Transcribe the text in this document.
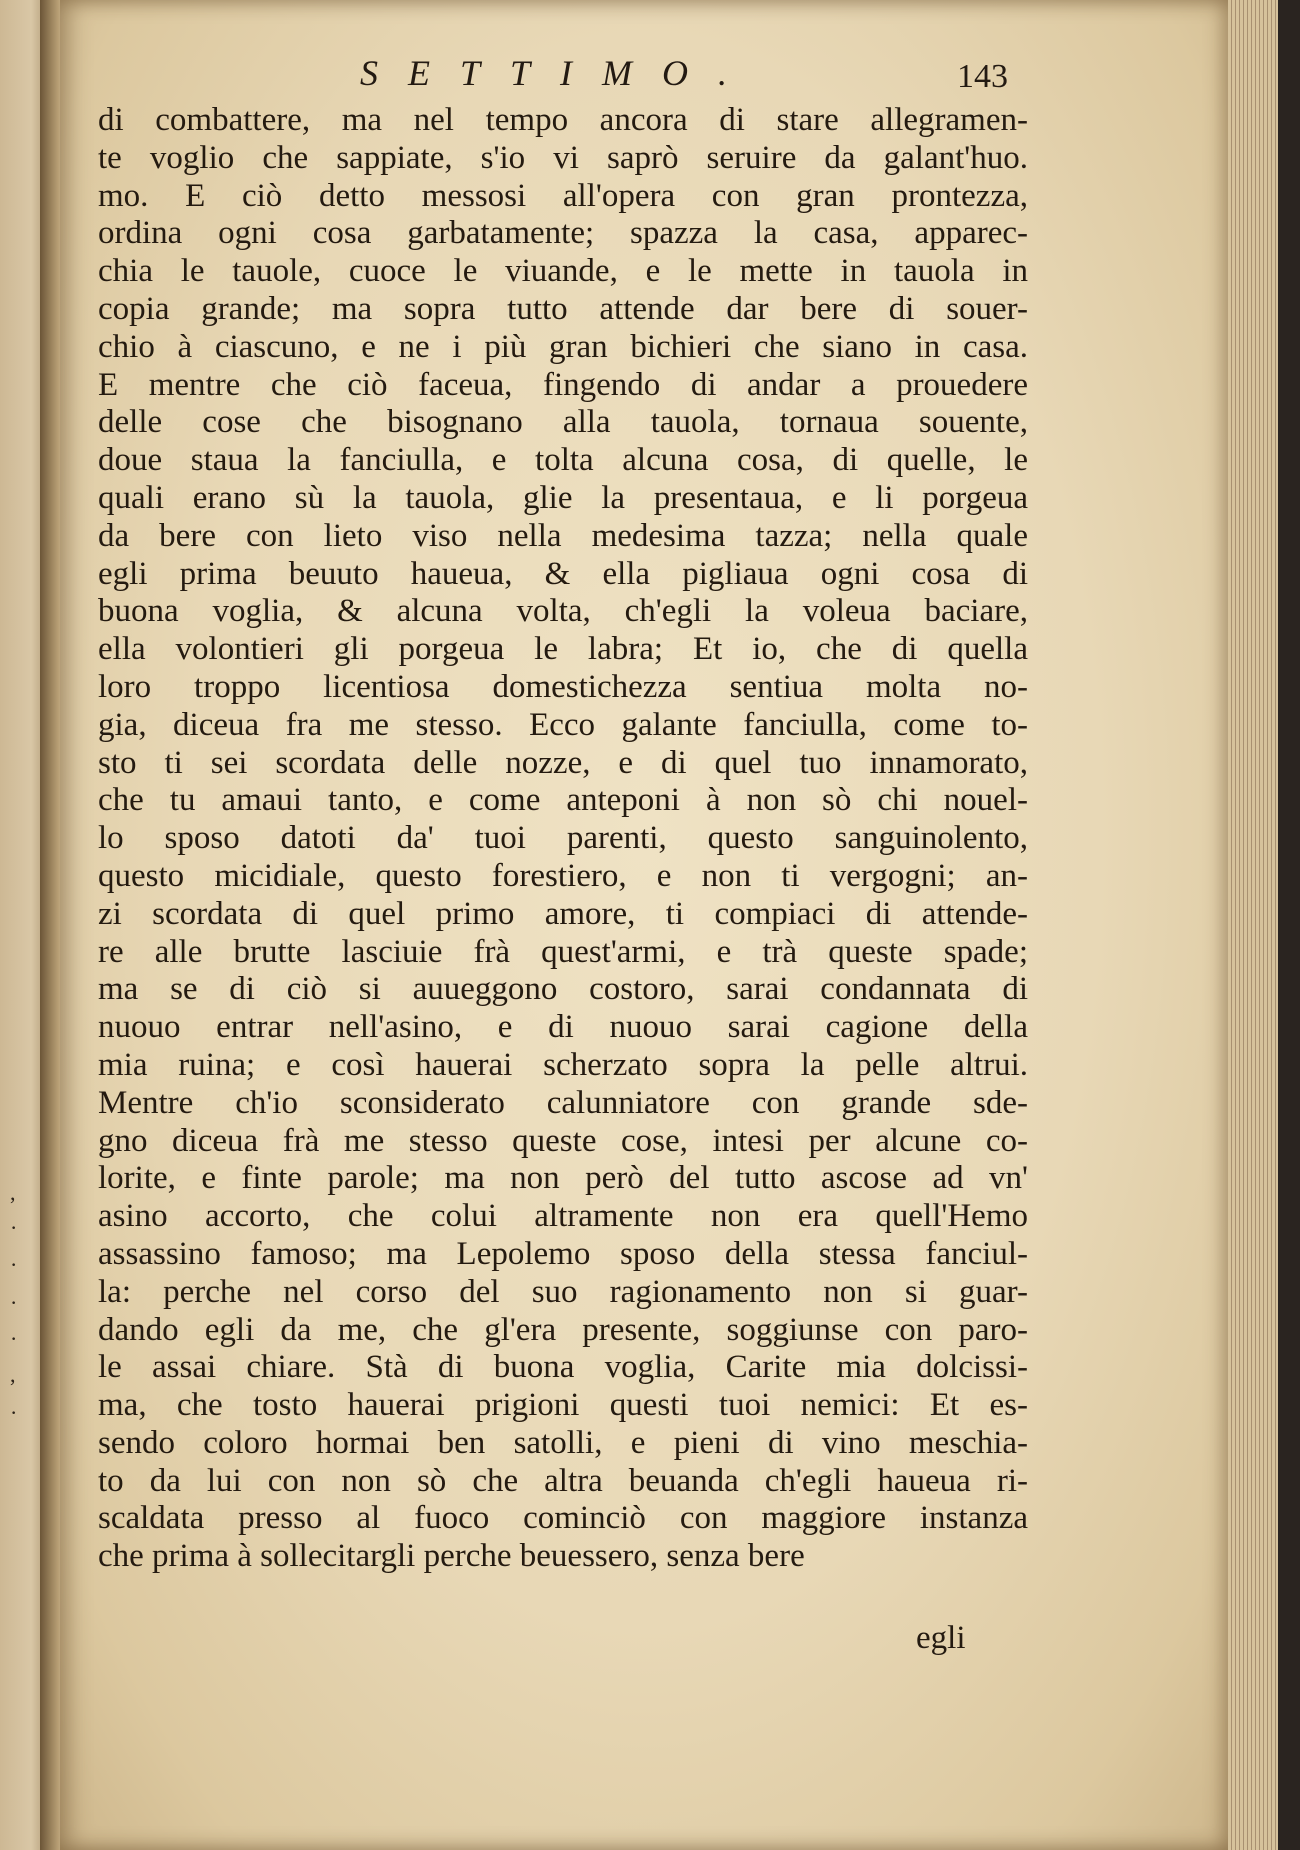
,
·
·
·
·
,
·
SETTIMO.	143
di combattere, ma nel tempo ancora di stare allegramen-
te voglio che sappiate, s'io vi saprò seruire da galant'huo.
mo. E ciò detto messosi all'opera con gran prontezza,
ordina ogni cosa garbatamente; spazza la casa, apparec-
chia le tauole, cuoce le viuande, e le mette in tauola in
copia grande; ma sopra tutto attende dar bere di souer-
chio à ciascuno, e ne i più gran bichieri che siano in casa.
E mentre che ciò faceua, fingendo di andar a prouedere
delle cose che bisognano alla tauola, tornaua souente,
doue staua la fanciulla, e tolta alcuna cosa, di quelle, le
quali erano sù la tauola, glie la presentaua, e li porgeua
da bere con lieto viso nella medesima tazza; nella quale
egli prima beuuto haueua, & ella pigliaua ogni cosa di
buona voglia, & alcuna volta, ch'egli la voleua baciare,
ella volontieri gli porgeua le labra; Et io, che di quella
loro troppo licentiosa domestichezza sentiua molta no-
gia, diceua fra me stesso. Ecco galante fanciulla, come to-
sto ti sei scordata delle nozze, e di quel tuo innamorato,
che tu amaui tanto, e come anteponi à non sò chi nouel-
lo sposo datoti da' tuoi parenti, questo sanguinolento,
questo micidiale, questo forestiero, e non ti vergogni; an-
zi scordata di quel primo amore, ti compiaci di attende-
re alle brutte lasciuie frà quest'armi, e trà queste spade;
ma se di ciò si auueggono costoro, sarai condannata di
nuouo entrar nell'asino, e di nuouo sarai cagione della
mia ruina; e così hauerai scherzato sopra la pelle altrui.
Mentre ch'io sconsiderato calunniatore con grande sde-
gno diceua frà me stesso queste cose, intesi per alcune co-
lorite, e finte parole; ma non però del tutto ascose ad vn'
asino accorto, che colui altramente non era quell'Hemo
assassino famoso; ma Lepolemo sposo della stessa fanciul-
la: perche nel corso del suo ragionamento non si guar-
dando egli da me, che gl'era presente, soggiunse con paro-
le assai chiare. Stà di buona voglia, Carite mia dolcissi-
ma, che tosto hauerai prigioni questi tuoi nemici: Et es-
sendo coloro hormai ben satolli, e pieni di vino meschia-
to da lui con non sò che altra beuanda ch'egli haueua ri-
scaldata presso al fuoco cominciò con maggiore instanza
che prima à sollecitargli perche beuessero, senza bere
egli
